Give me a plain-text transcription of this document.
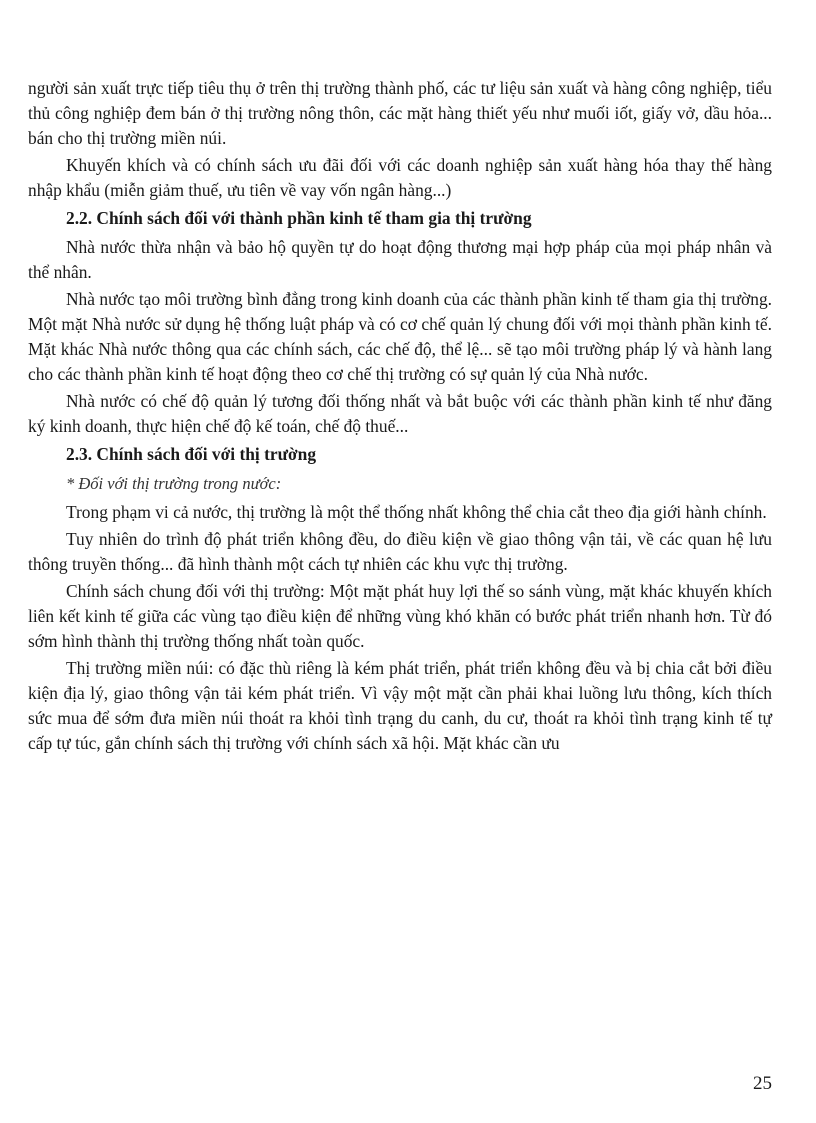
người sản xuất trực tiếp tiêu thụ ở trên thị trường thành phố, các tư liệu sản xuất và hàng công nghiệp, tiểu thủ công nghiệp đem bán ở thị trường nông thôn, các mặt hàng thiết yếu như muối iốt, giấy vở, dầu hỏa... bán cho thị trường miền núi.

Khuyến khích và có chính sách ưu đãi đối với các doanh nghiệp sản xuất hàng hóa thay thế hàng nhập khẩu (miễn giảm thuế, ưu tiên về vay vốn ngân hàng...)

2.2. Chính sách đối với thành phần kinh tế tham gia thị trường

Nhà nước thừa nhận và bảo hộ quyền tự do hoạt động thương mại hợp pháp của mọi pháp nhân và thể nhân.

Nhà nước tạo môi trường bình đẳng trong kinh doanh của các thành phần kinh tế tham gia thị trường. Một mặt Nhà nước sử dụng hệ thống luật pháp và có cơ chế quản lý chung đối với mọi thành phần kinh tế. Mặt khác Nhà nước thông qua các chính sách, các chế độ, thể lệ... sẽ tạo môi trường pháp lý và hành lang cho các thành phần kinh tế hoạt động theo cơ chế thị trường có sự quản lý của Nhà nước.

Nhà nước có chế độ quản lý tương đối thống nhất và bắt buộc với các thành phần kinh tế như đăng ký kinh doanh, thực hiện chế độ kế toán, chế độ thuế...

2.3. Chính sách đối với thị trường

* Đối với thị trường trong nước:

Trong phạm vi cả nước, thị trường là một thể thống nhất không thể chia cắt theo địa giới hành chính.

Tuy nhiên do trình độ phát triển không đều, do điều kiện về giao thông vận tải, về các quan hệ lưu thông truyền thống... đã hình thành một cách tự nhiên các khu vực thị trường.

Chính sách chung đối với thị trường: Một mặt phát huy lợi thế so sánh vùng, mặt khác khuyến khích liên kết kinh tế giữa các vùng tạo điều kiện để những vùng khó khăn có bước phát triển nhanh hơn. Từ đó sớm hình thành thị trường thống nhất toàn quốc.

Thị trường miền núi: có đặc thù riêng là kém phát triển, phát triển không đều và bị chia cắt bởi điều kiện địa lý, giao thông vận tải kém phát triển. Vì vậy một mặt cần phải khai luồng lưu thông, kích thích sức mua để sớm đưa miền núi thoát ra khỏi tình trạng du canh, du cư, thoát ra khỏi tình trạng kinh tế tự cấp tự túc, gắn chính sách thị trường với chính sách xã hội. Mặt khác cần ưu

25
